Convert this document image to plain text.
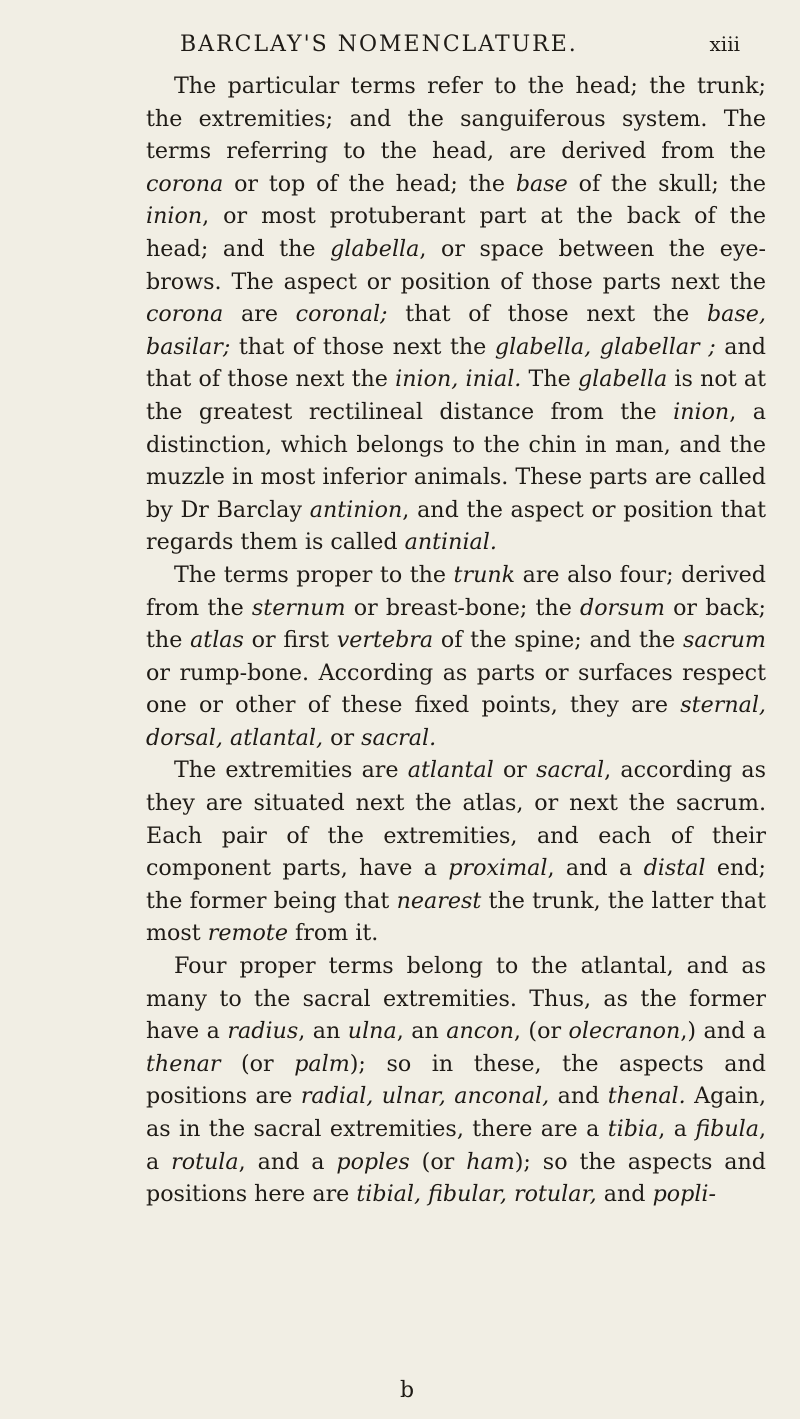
BARCLAY'S NOMENCLATURE.	xiii

The particular terms refer to the head; the trunk; the extremities; and the sanguiferous system. The terms referring to the head, are derived from the corona or top of the head; the base of the skull; the inion, or most protuberant part at the back of the head; and the glabella, or space between the eye-brows. The aspect or position of those parts next the corona are coronal; that of those next the base, basilar; that of those next the glabella, glabellar ; and that of those next the inion, inial. The glabella is not at the greatest rectilineal distance from the inion, a distinction, which belongs to the chin in man, and the muzzle in most inferior animals. These parts are called by Dr Barclay antinion, and the aspect or position that regards them is called antinial.

The terms proper to the trunk are also four; derived from the sternum or breast-bone; the dorsum or back; the atlas or first vertebra of the spine; and the sacrum or rump-bone. According as parts or surfaces respect one or other of these fixed points, they are sternal, dorsal, atlantal, or sacral.

The extremities are atlantal or sacral, according as they are situated next the atlas, or next the sacrum. Each pair of the extremities, and each of their component parts, have a proximal, and a distal end; the former being that nearest the trunk, the latter that most remote from it.

Four proper terms belong to the atlantal, and as many to the sacral extremities. Thus, as the former have a radius, an ulna, an ancon, (or olecranon,) and a thenar (or palm); so in these, the aspects and positions are radial, ulnar, anconal, and thenal. Again, as in the sacral extremities, there are a tibia, a fibula, a rotula, and a poples (or ham); so the aspects and positions here are tibial, fibular, rotular, and popli-

b
